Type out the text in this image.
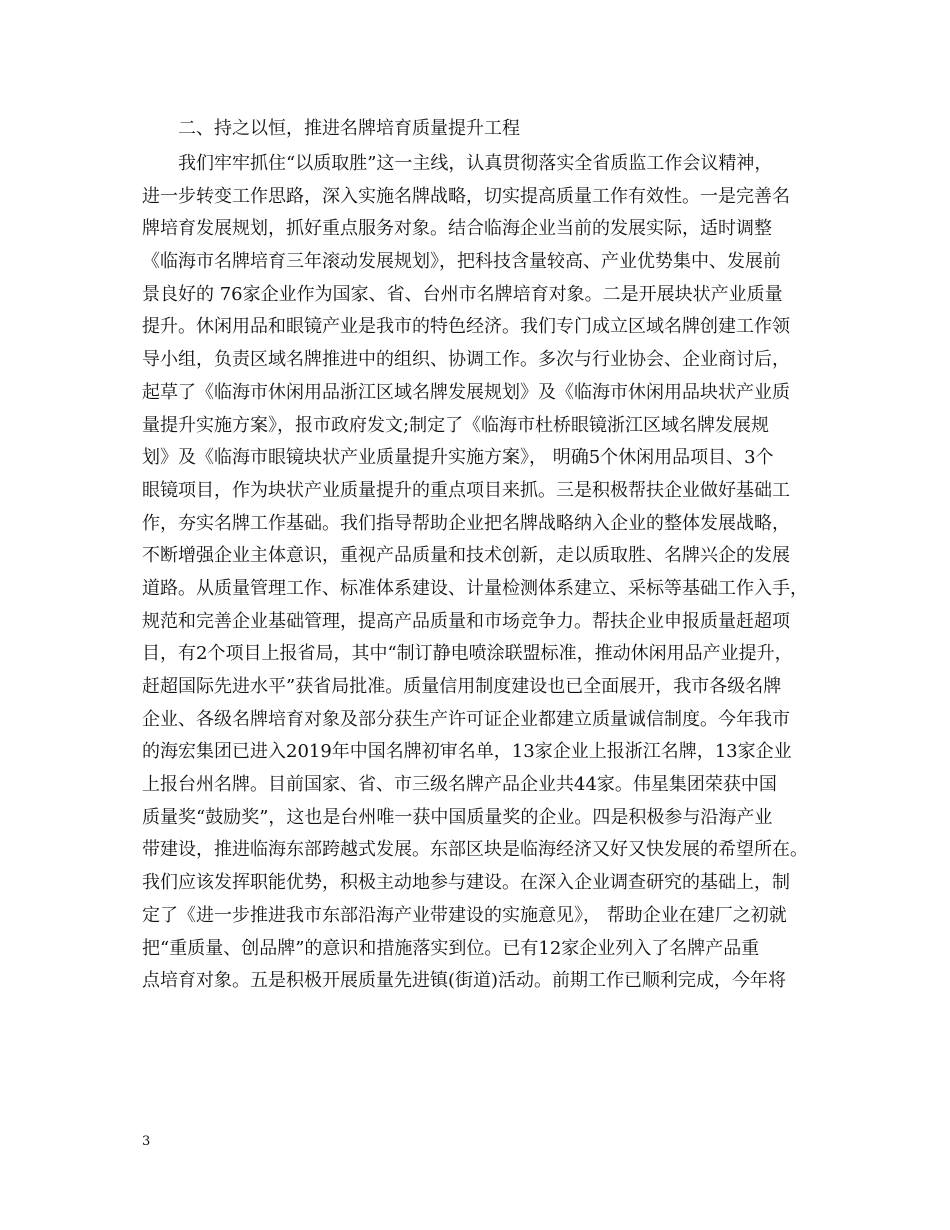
二、持之以恒，推进名牌培育质量提升工程
我们牢牢抓住“以质取胜”这一主线，认真贯彻落实全省质监工作会议精神，
进一步转变工作思路，深入实施名牌战略，切实提高质量工作有效性。一是完善名
牌培育发展规划，抓好重点服务对象。结合临海企业当前的发展实际，适时调整
《临海市名牌培育三年滚动发展规划》，把科技含量较高、产业优势集中、发展前
景良好的 76家企业作为国家、省、台州市名牌培育对象。二是开展块状产业质量
提升。休闲用品和眼镜产业是我市的特色经济。我们专门成立区域名牌创建工作领
导小组，负责区域名牌推进中的组织、协调工作。多次与行业协会、企业商讨后，
起草了《临海市休闲用品浙江区域名牌发展规划》及《临海市休闲用品块状产业质
量提升实施方案》，报市政府发文;制定了《临海市杜桥眼镜浙江区域名牌发展规
划》及《临海市眼镜块状产业质量提升实施方案》， 明确5个休闲用品项目、3个
眼镜项目，作为块状产业质量提升的重点项目来抓。三是积极帮扶企业做好基础工
作，夯实名牌工作基础。我们指导帮助企业把名牌战略纳入企业的整体发展战略，
不断增强企业主体意识，重视产品质量和技术创新，走以质取胜、名牌兴企的发展
道路。从质量管理工作、标准体系建设、计量检测体系建立、采标等基础工作入手，
规范和完善企业基础管理，提高产品质量和市场竞争力。帮扶企业申报质量赶超项
目，有2个项目上报省局，其中“制订静电喷涂联盟标准，推动休闲用品产业提升，
赶超国际先进水平”获省局批准。质量信用制度建设也已全面展开，我市各级名牌
企业、各级名牌培育对象及部分获生产许可证企业都建立质量诚信制度。今年我市
的海宏集团已进入2019年中国名牌初审名单，13家企业上报浙江名牌，13家企业
上报台州名牌。目前国家、省、市三级名牌产品企业共44家。伟星集团荣获中国
质量奖“鼓励奖”，这也是台州唯一获中国质量奖的企业。四是积极参与沿海产业
带建设，推进临海东部跨越式发展。东部区块是临海经济又好又快发展的希望所在。
我们应该发挥职能优势，积极主动地参与建设。在深入企业调查研究的基础上，制
定了《进一步推进我市东部沿海产业带建设的实施意见》， 帮助企业在建厂之初就
把“重质量、创品牌”的意识和措施落实到位。已有12家企业列入了名牌产品重
点培育对象。五是积极开展质量先进镇(街道)活动。前期工作已顺利完成，今年将
3
